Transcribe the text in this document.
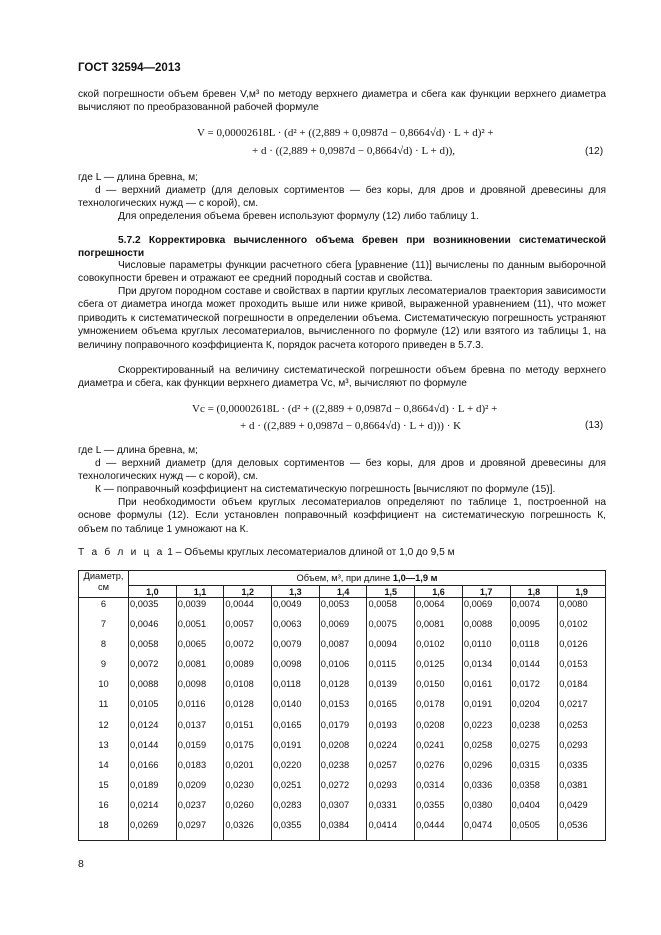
ГОСТ 32594—2013
ской погрешности объем бревен V,м³ по методу верхнего диаметра и сбега как функции верхнего диаметра вычисляют по преобразованной рабочей формуле
V = 0,00002618L · (d² + ((2,889 + 0,0987d − 0,8664√d) · L + d)² +
+ d · ((2,889 + 0,0987d − 0,8664√d) · L + d)),	(12)
где L — длина бревна, м;
d — верхний диаметр (для деловых сортиментов — без коры, для дров и дровяной древесины для технологических нужд — с корой), см.
Для определения объема бревен используют формулу (12) либо таблицу 1.
5.7.2 Корректировка вычисленного объема бревен при возникновении систематической погрешности
Числовые параметры функции расчетного сбега [уравнение (11)] вычислены по данным выборочной совокупности бревен и отражают ее средний породный состав и свойства.
При другом породном составе и свойствах в партии круглых лесоматериалов траектория зависимости сбега от диаметра иногда может проходить выше или ниже кривой, выраженной уравнением (11), что может приводить к систематической погрешности в определении объема. Систематическую погрешность устраняют умножением объема круглых лесоматериалов, вычисленного по формуле (12) или взятого из таблицы 1, на величину поправочного коэффициента К, порядок расчета которого приведен в 5.7.3.
Скорректированный на величину систематической погрешности объем бревна по методу верхнего диаметра и сбега, как функции верхнего диаметра Vc, м³, вычисляют по формуле
Vc = (0,00002618L · (d² + ((2,889 + 0,0987d − 0,8664√d) · L + d)² +
+ d · ((2,889 + 0,0987d − 0,8664√d) · L + d))) · K	(13)
где L — длина бревна, м;
d — верхний диаметр (для деловых сортиментов — без коры, для дров и дровяной древесины для технологических нужд — с корой), см.
К — поправочный коэффициент на систематическую погрешность [вычисляют по формуле (15)].
При необходимости объем круглых лесоматериалов определяют по таблице 1, построенной на основе формулы (12). Если установлен поправочный коэффициент на систематическую погрешность К, объем по таблице 1 умножают на К.
Т а б л и ц а 1 – Объемы круглых лесоматериалов длиной от 1,0 до 9,5 м
Диаметр, см	Объем, м³, при длине 1,0—1,9 м									
	1,0	1,1	1,2	1,3	1,4	1,5	1,6	1,7	1,8	1,9
6	0,0035	0,0039	0,0044	0,0049	0,0053	0,0058	0,0064	0,0069	0,0074	0,0080
7	0,0046	0,0051	0,0057	0,0063	0,0069	0,0075	0,0081	0,0088	0,0095	0,0102
8	0,0058	0,0065	0,0072	0,0079	0,0087	0,0094	0,0102	0,0110	0,0118	0,0126
9	0,0072	0,0081	0,0089	0,0098	0,0106	0,0115	0,0125	0,0134	0,0144	0,0153
10	0,0088	0,0098	0,0108	0,0118	0,0128	0,0139	0,0150	0,0161	0,0172	0,0184
11	0,0105	0,0116	0,0128	0,0140	0,0153	0,0165	0,0178	0,0191	0,0204	0,0217
12	0,0124	0,0137	0,0151	0,0165	0,0179	0,0193	0,0208	0,0223	0,0238	0,0253
13	0,0144	0,0159	0,0175	0,0191	0,0208	0,0224	0,0241	0,0258	0,0275	0,0293
14	0,0166	0,0183	0,0201	0,0220	0,0238	0,0257	0,0276	0,0296	0,0315	0,0335
15	0,0189	0,0209	0,0230	0,0251	0,0272	0,0293	0,0314	0,0336	0,0358	0,0381
16	0,0214	0,0237	0,0260	0,0283	0,0307	0,0331	0,0355	0,0380	0,0404	0,0429
18	0,0269	0,0297	0,0326	0,0355	0,0384	0,0414	0,0444	0,0474	0,0505	0,0536
8
